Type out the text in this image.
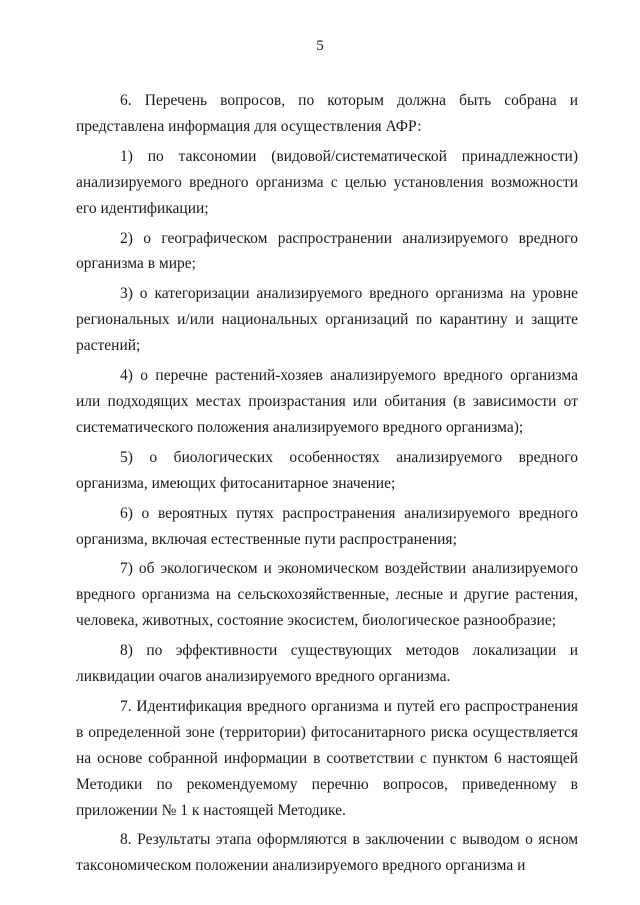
5

6. Перечень вопросов, по которым должна быть собрана и представлена информация для осуществления АФР:

1) по таксономии (видовой/систематической принадлежности) анализируемого вредного организма с целью установления возможности его идентификации;

2) о географическом распространении анализируемого вредного организма в мире;

3) о категоризации анализируемого вредного организма на уровне региональных и/или национальных организаций по карантину и защите растений;

4) о перечне растений-хозяев анализируемого вредного организма или подходящих местах произрастания или обитания (в зависимости от систематического положения анализируемого вредного организма);

5) о биологических особенностях анализируемого вредного организма, имеющих фитосанитарное значение;

6) о вероятных путях распространения анализируемого вредного организма, включая естественные пути распространения;

7) об экологическом и экономическом воздействии анализируемого вредного организма на сельскохозяйственные, лесные и другие растения, человека, животных, состояние экосистем, биологическое разнообразие;

8) по эффективности существующих методов локализации и ликвидации очагов анализируемого вредного организма.

7. Идентификация вредного организма и путей его распространения в определенной зоне (территории) фитосанитарного риска осуществляется на основе собранной информации в соответствии с пунктом 6 настоящей Методики по рекомендуемому перечню вопросов, приведенному в приложении № 1 к настоящей Методике.

8. Результаты этапа оформляются в заключении с выводом о ясном таксономическом положении анализируемого вредного организма и
